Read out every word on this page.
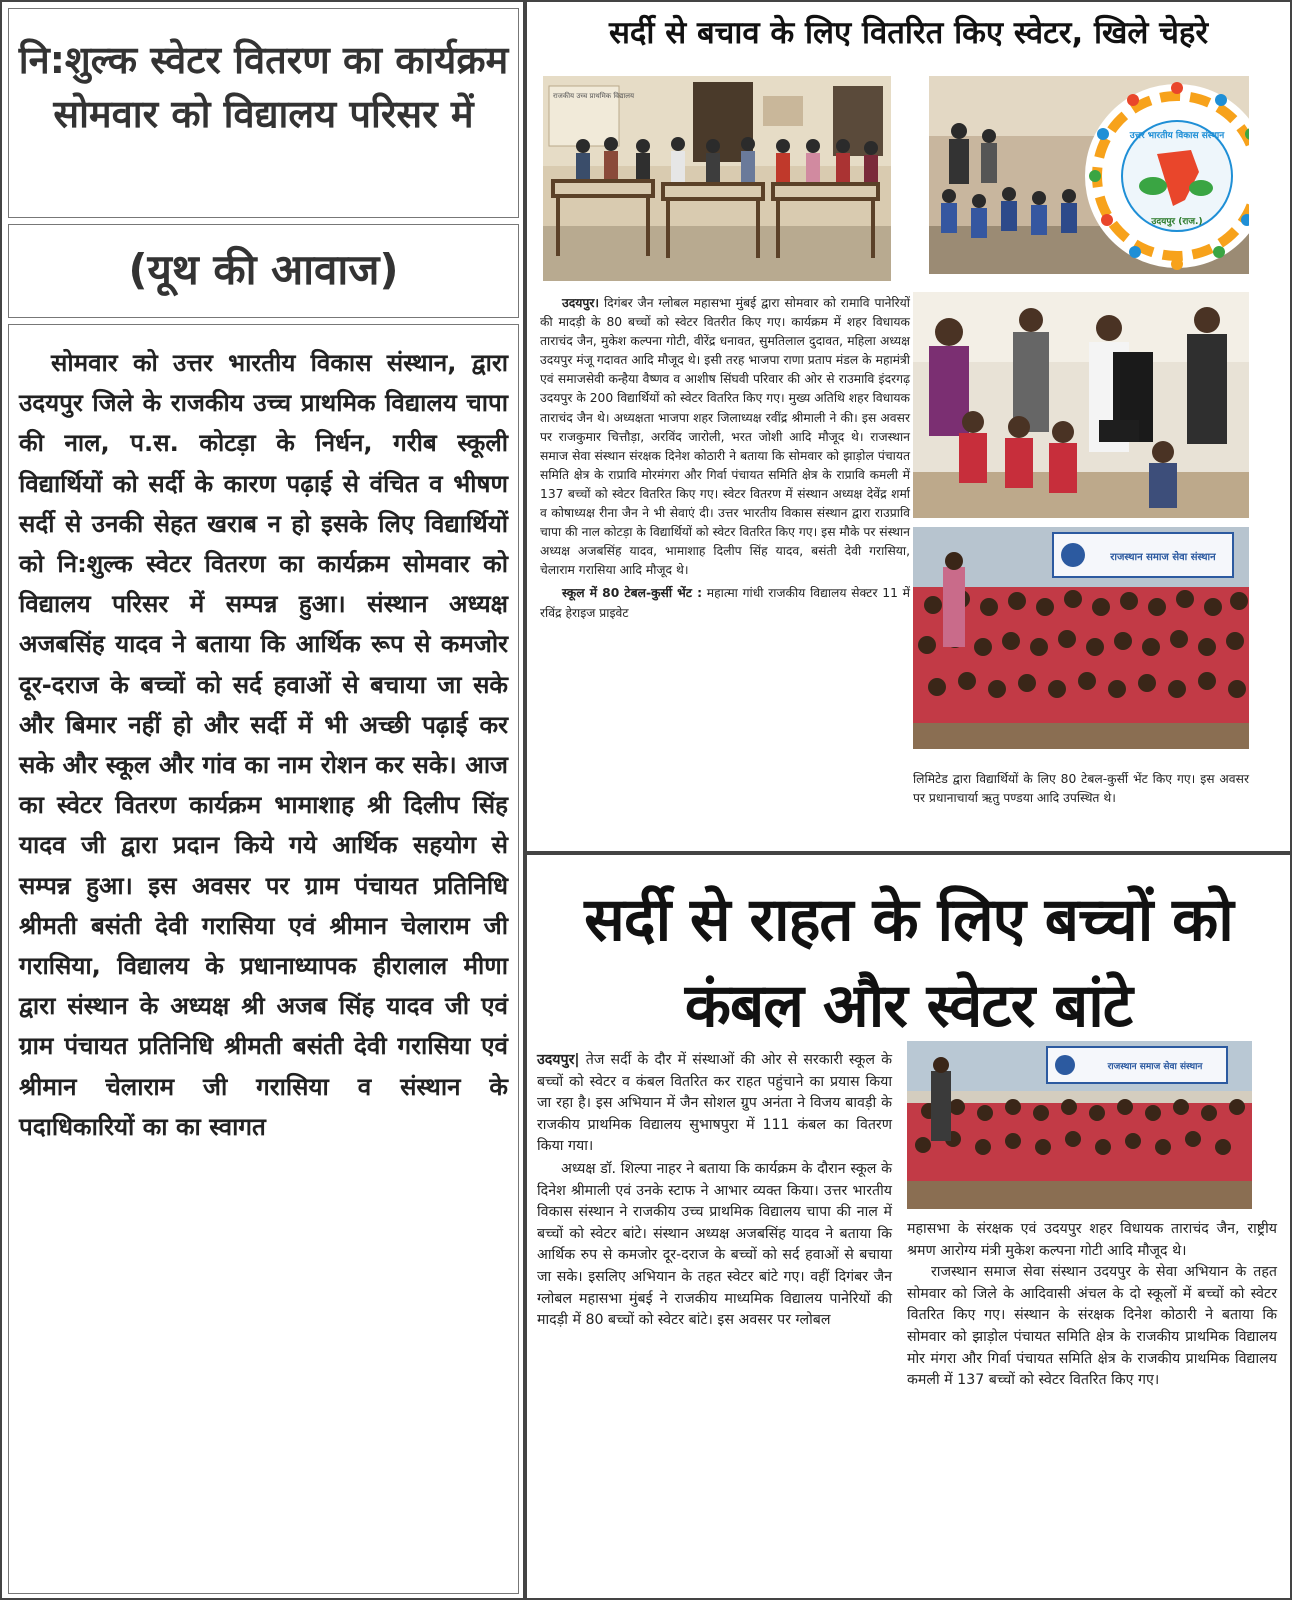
नि:शुल्क स्वेटर वितरण का कार्यक्रम सोमवार को विद्यालय परिसर में
(यूथ की आवाज)
सोमवार को उत्तर भारतीय विकास संस्थान, द्वारा उदयपुर जिले के राजकीय उच्च प्राथमिक विद्यालय चापा की नाल, प.स. कोटड़ा के निर्धन, गरीब स्कूली विद्यार्थियों को सर्दी के कारण पढ़ाई से वंचित व भीषण सर्दी से उनकी सेहत खराब न हो इसके लिए विद्यार्थियों को नि:शुल्क स्वेटर वितरण का कार्यक्रम सोमवार को विद्यालय परिसर में सम्पन्न हुआ। संस्थान अध्यक्ष अजबसिंह यादव ने बताया कि आर्थिक रूप से कमजोर दूर-दराज के बच्चों को सर्द हवाओं से बचाया जा सके और बिमार नहीं हो और सर्दी में भी अच्छी पढ़ाई कर सके और स्कूल और गांव का नाम रोशन कर सके। आज का स्वेटर वितरण कार्यक्रम भामाशाह श्री दिलीप सिंह यादव जी द्वारा प्रदान किये गये आर्थिक सहयोग से सम्पन्न हुआ। इस अवसर पर ग्राम पंचायत प्रतिनिधि श्रीमती बसंती देवी गरासिया एवं श्रीमान चेलाराम जी गरासिया, विद्यालय के प्रधानाध्यापक हीरालाल मीणा द्वारा संस्थान के अध्यक्ष श्री अजब सिंह यादव जी एवं ग्राम पंचायत प्रतिनिधि श्रीमती बसंती देवी गरासिया एवं श्रीमान चेलाराम जी गरासिया व संस्थान के पदाधिकारियों का का स्वागत
सर्दी से बचाव के लिए वितरित किए स्वेटर, खिले चेहरे
राजकीय उच्च प्राथमिक विद्यालय
उत्तर भारतीय विकास संस्थान
उदयपुर (राज.)
राजस्थान समाज सेवा संस्थान

उदयपुर। दिगंबर जैन ग्लोबल महासभा मुंबई द्वारा सोमवार को रामावि पानेरियों की मादड़ी के 80 बच्चों को स्वेटर वितरीत किए गए। कार्यक्रम में शहर विधायक ताराचंद जैन, मुकेश कल्पना गोटी, वीरेंद्र धनावत, सुमतिलाल दुदावत, महिला अध्यक्ष उदयपुर मंजू गदावत आदि मौजूद थे। इसी तरह भाजपा राणा प्रताप मंडल के महामंत्री एवं समाजसेवी कन्हैया वैष्णव व आशीष सिंघवी परिवार की ओर से राउमावि इंदरगढ़ उदयपुर के 200 विद्यार्थियों को स्वेटर वितरित किए गए। मुख्य अतिथि शहर विधायक ताराचंद जैन थे। अध्यक्षता भाजपा शहर जिलाध्यक्ष रवींद्र श्रीमाली ने की। इस अवसर पर राजकुमार चित्तौड़ा, अरविंद जारोली, भरत जोशी आदि मौजूद थे। राजस्थान समाज सेवा संस्थान संरक्षक दिनेश कोठारी ने बताया कि सोमवार को झाड़ोल पंचायत समिति क्षेत्र के राप्रावि मोरमंगरा और गिर्वा पंचायत समिति क्षेत्र के राप्रावि कमली में 137 बच्चों को स्वेटर वितरित किए गए। स्वेटर वितरण में संस्थान अध्यक्ष देवेंद्र शर्मा व कोषाध्यक्ष रीना जैन ने भी सेवाएं दी। उत्तर भारतीय विकास संस्थान द्वारा राउप्रावि चापा की नाल कोटड़ा के विद्यार्थियों को स्वेटर वितरित किए गए। इस मौके पर संस्थान अध्यक्ष अजबसिंह यादव, भामाशाह दिलीप सिंह यादव, बसंती देवी गरासिया, चेलाराम गरासिया आदि मौजूद थे।

स्कूल में 80 टेबल-कुर्सी भेंट : महात्मा गांधी राजकीय विद्यालय सेक्टर 11 में रविंद्र हेराइज प्राइवेट

लिमिटेड द्वारा विद्यार्थियों के लिए 80 टेबल-कुर्सी भेंट किए गए। इस अवसर पर प्रधानाचार्या ऋतु पण्डया आदि उपस्थित थे।
सर्दी से राहत के लिए बच्चों को कंबल और स्वेटर बांटे
राजस्थान समाज सेवा संस्थान

उदयपुर| तेज सर्दी के दौर में संस्थाओं की ओर से सरकारी स्कूल के बच्चों को स्वेटर व कंबल वितरित कर राहत पहुंचाने का प्रयास किया जा रहा है। इस अभियान में जैन सोशल ग्रुप अनंता ने विजय बावड़ी के राजकीय प्राथमिक विद्यालय सुभाषपुरा में 111 कंबल का वितरण किया गया।

अध्यक्ष डॉ. शिल्पा नाहर ने बताया कि कार्यक्रम के दौरान स्कूल के दिनेश श्रीमाली एवं उनके स्टाफ ने आभार व्यक्त किया। उत्तर भारतीय विकास संस्थान ने राजकीय उच्च प्राथमिक विद्यालय चापा की नाल में बच्चों को स्वेटर बांटे। संस्थान अध्यक्ष अजबसिंह यादव ने बताया कि आर्थिक रुप से कमजोर दूर-दराज के बच्चों को सर्द हवाओं से बचाया जा सके। इसलिए अभियान के तहत स्वेटर बांटे गए। वहीं दिगंबर जैन ग्लोबल महासभा मुंबई ने राजकीय माध्यमिक विद्यालय पानेरियों की मादड़ी में 80 बच्चों को स्वेटर बांटे। इस अवसर पर ग्लोबल

महासभा के संरक्षक एवं उदयपुर शहर विधायक ताराचंद जैन, राष्ट्रीय श्रमण आरोग्य मंत्री मुकेश कल्पना गोटी आदि मौजूद थे।

राजस्थान समाज सेवा संस्थान उदयपुर के सेवा अभियान के तहत सोमवार को जिले के आदिवासी अंचल के दो स्कूलों में बच्चों को स्वेटर वितरित किए गए। संस्थान के संरक्षक दिनेश कोठारी ने बताया कि सोमवार को झाड़ोल पंचायत समिति क्षेत्र के राजकीय प्राथमिक विद्यालय मोर मंगरा और गिर्वा पंचायत समिति क्षेत्र के राजकीय प्राथमिक विद्यालय कमली में 137 बच्चों को स्वेटर वितरित किए गए।
